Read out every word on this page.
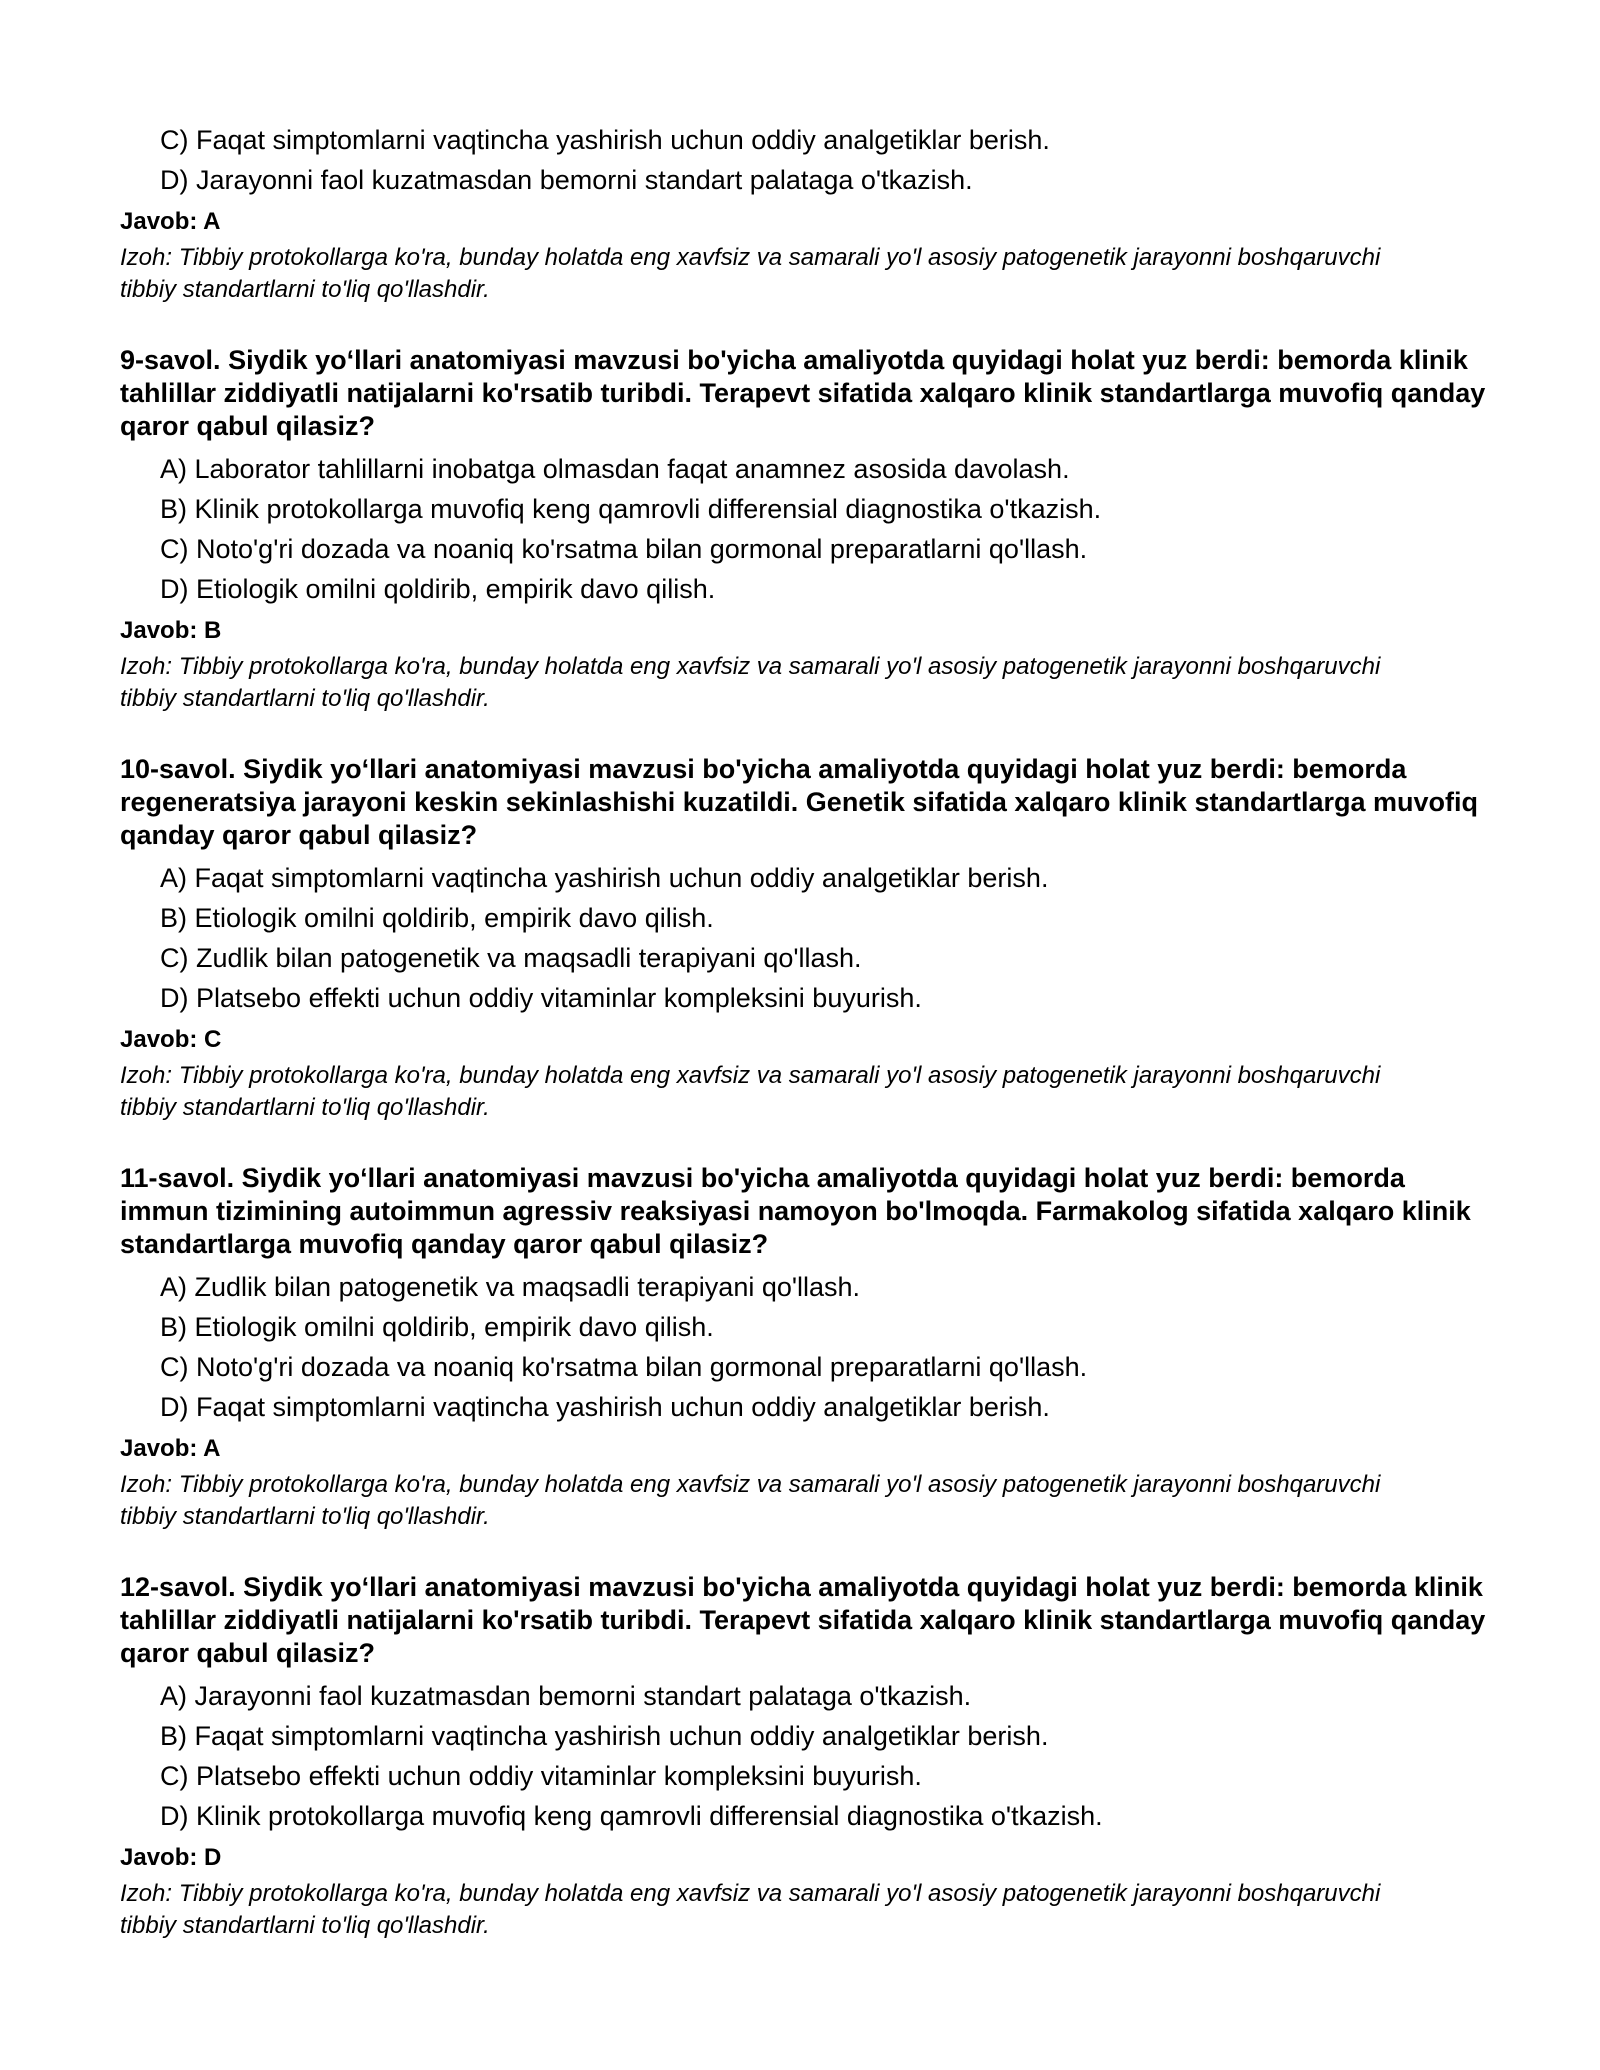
C) Faqat simptomlarni vaqtincha yashirish uchun oddiy analgetiklar berish.
D) Jarayonni faol kuzatmasdan bemorni standart palataga o'tkazish.
Javob: A
Izoh: Tibbiy protokollarga ko'ra, bunday holatda eng xavfsiz va samarali yo'l asosiy patogenetik jarayonni boshqaruvchi tibbiy standartlarni to'liq qo'llashdir.
9-savol. Siydik yo‘llari anatomiyasi mavzusi bo'yicha amaliyotda quyidagi holat yuz berdi: bemorda klinik tahlillar ziddiyatli natijalarni ko'rsatib turibdi. Terapevt sifatida xalqaro klinik standartlarga muvofiq qanday qaror qabul qilasiz?
A) Laborator tahlillarni inobatga olmasdan faqat anamnez asosida davolash.
B) Klinik protokollarga muvofiq keng qamrovli differensial diagnostika o'tkazish.
C) Noto'g'ri dozada va noaniq ko'rsatma bilan gormonal preparatlarni qo'llash.
D) Etiologik omilni qoldirib, empirik davo qilish.
Javob: B
Izoh: Tibbiy protokollarga ko'ra, bunday holatda eng xavfsiz va samarali yo'l asosiy patogenetik jarayonni boshqaruvchi tibbiy standartlarni to'liq qo'llashdir.
10-savol. Siydik yo‘llari anatomiyasi mavzusi bo'yicha amaliyotda quyidagi holat yuz berdi: bemorda regeneratsiya jarayoni keskin sekinlashishi kuzatildi. Genetik sifatida xalqaro klinik standartlarga muvofiq qanday qaror qabul qilasiz?
A) Faqat simptomlarni vaqtincha yashirish uchun oddiy analgetiklar berish.
B) Etiologik omilni qoldirib, empirik davo qilish.
C) Zudlik bilan patogenetik va maqsadli terapiyani qo'llash.
D) Platsebo effekti uchun oddiy vitaminlar kompleksini buyurish.
Javob: C
Izoh: Tibbiy protokollarga ko'ra, bunday holatda eng xavfsiz va samarali yo'l asosiy patogenetik jarayonni boshqaruvchi tibbiy standartlarni to'liq qo'llashdir.
11-savol. Siydik yo‘llari anatomiyasi mavzusi bo'yicha amaliyotda quyidagi holat yuz berdi: bemorda immun tizimining autoimmun agressiv reaksiyasi namoyon bo'lmoqda. Farmakolog sifatida xalqaro klinik standartlarga muvofiq qanday qaror qabul qilasiz?
A) Zudlik bilan patogenetik va maqsadli terapiyani qo'llash.
B) Etiologik omilni qoldirib, empirik davo qilish.
C) Noto'g'ri dozada va noaniq ko'rsatma bilan gormonal preparatlarni qo'llash.
D) Faqat simptomlarni vaqtincha yashirish uchun oddiy analgetiklar berish.
Javob: A
Izoh: Tibbiy protokollarga ko'ra, bunday holatda eng xavfsiz va samarali yo'l asosiy patogenetik jarayonni boshqaruvchi tibbiy standartlarni to'liq qo'llashdir.
12-savol. Siydik yo‘llari anatomiyasi mavzusi bo'yicha amaliyotda quyidagi holat yuz berdi: bemorda klinik tahlillar ziddiyatli natijalarni ko'rsatib turibdi. Terapevt sifatida xalqaro klinik standartlarga muvofiq qanday qaror qabul qilasiz?
A) Jarayonni faol kuzatmasdan bemorni standart palataga o'tkazish.
B) Faqat simptomlarni vaqtincha yashirish uchun oddiy analgetiklar berish.
C) Platsebo effekti uchun oddiy vitaminlar kompleksini buyurish.
D) Klinik protokollarga muvofiq keng qamrovli differensial diagnostika o'tkazish.
Javob: D
Izoh: Tibbiy protokollarga ko'ra, bunday holatda eng xavfsiz va samarali yo'l asosiy patogenetik jarayonni boshqaruvchi tibbiy standartlarni to'liq qo'llashdir.
